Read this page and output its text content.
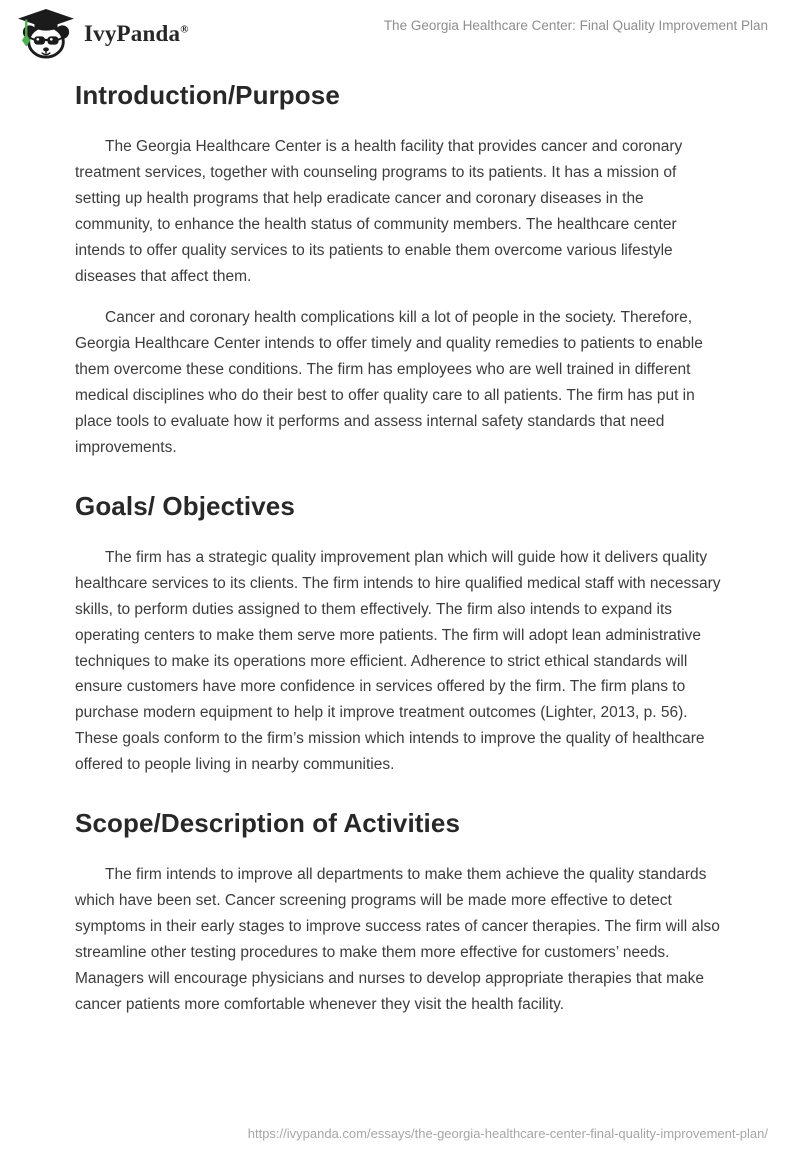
IvyPanda®	The Georgia Healthcare Center: Final Quality Improvement Plan
Introduction/Purpose

The Georgia Healthcare Center is a health facility that provides cancer and coronary treatment services, together with counseling programs to its patients. It has a mission of setting up health programs that help eradicate cancer and coronary diseases in the community, to enhance the health status of community members. The healthcare center intends to offer quality services to its patients to enable them overcome various lifestyle diseases that affect them.

Cancer and coronary health complications kill a lot of people in the society. Therefore, Georgia Healthcare Center intends to offer timely and quality remedies to patients to enable them overcome these conditions. The firm has employees who are well trained in different medical disciplines who do their best to offer quality care to all patients. The firm has put in place tools to evaluate how it performs and assess internal safety standards that need improvements.

Goals/ Objectives

The firm has a strategic quality improvement plan which will guide how it delivers quality healthcare services to its clients. The firm intends to hire qualified medical staff with necessary skills, to perform duties assigned to them effectively. The firm also intends to expand its operating centers to make them serve more patients. The firm will adopt lean administrative techniques to make its operations more efficient. Adherence to strict ethical standards will ensure customers have more confidence in services offered by the firm. The firm plans to purchase modern equipment to help it improve treatment outcomes (Lighter, 2013, p. 56). These goals conform to the firm’s mission which intends to improve the quality of healthcare offered to people living in nearby communities.

Scope/Description of Activities

The firm intends to improve all departments to make them achieve the quality standards which have been set. Cancer screening programs will be made more effective to detect symptoms in their early stages to improve success rates of cancer therapies. The firm will also streamline other testing procedures to make them more effective for customers’ needs. Managers will encourage physicians and nurses to develop appropriate therapies that make cancer patients more comfortable whenever they visit the health facility.

https://ivypanda.com/essays/the-georgia-healthcare-center-final-quality-improvement-plan/
